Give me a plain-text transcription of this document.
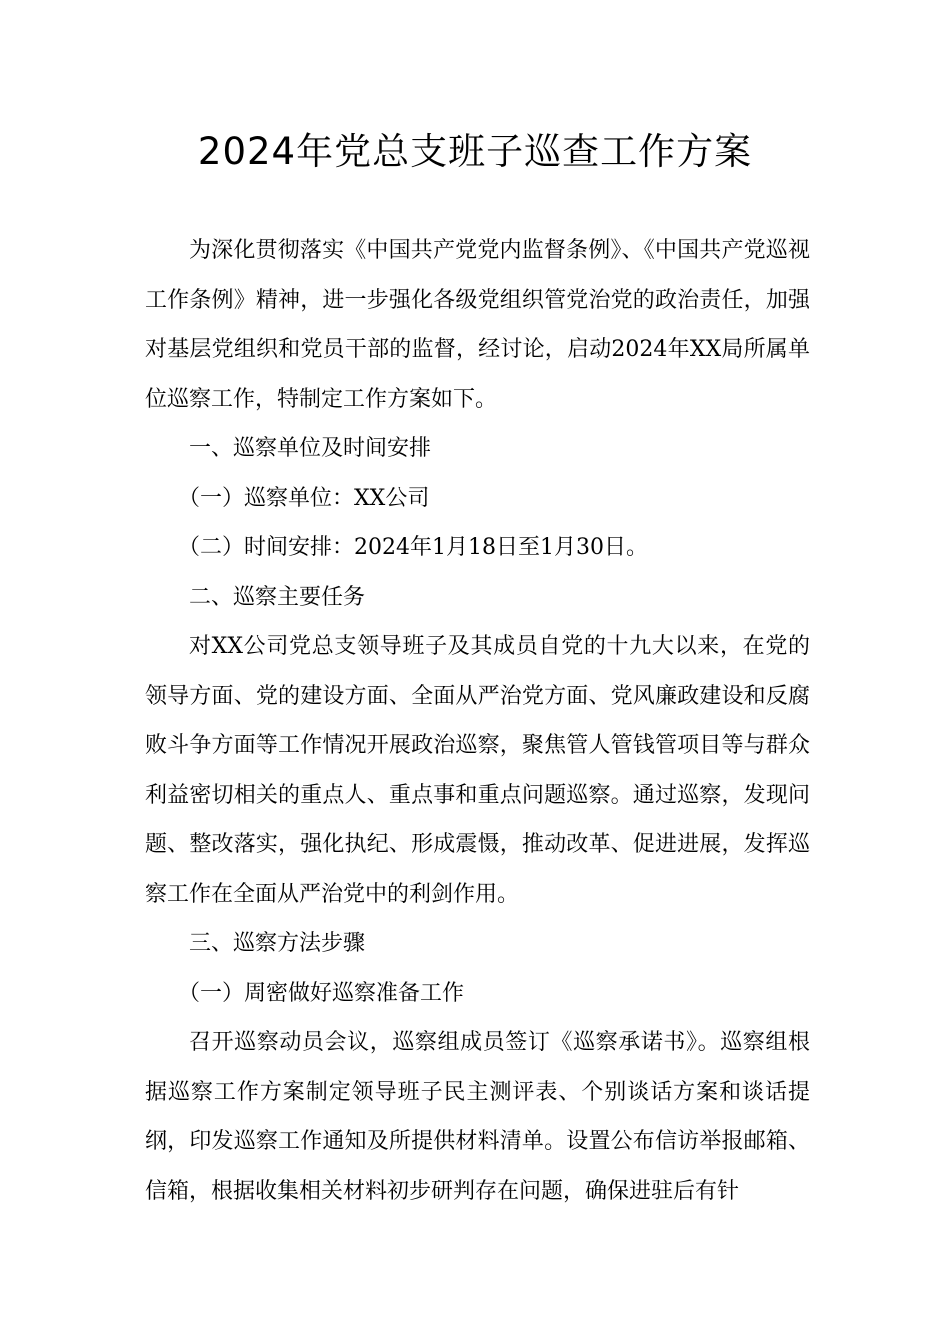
2024年党总支班子巡查工作方案

为深化贯彻落实《中国共产党党内监督条例》、《中国共产党巡视工作条例》精神，进一步强化各级党组织管党治党的政治责任，加强对基层党组织和党员干部的监督，经讨论，启动2024年XX局所属单位巡察工作，特制定工作方案如下。

一、巡察单位及时间安排

（一）巡察单位：XX公司

（二）时间安排：2024年1月18日至1月30日。

二、巡察主要任务

对XX公司党总支领导班子及其成员自党的十九大以来，在党的领导方面、党的建设方面、全面从严治党方面、党风廉政建设和反腐败斗争方面等工作情况开展政治巡察，聚焦管人管钱管项目等与群众利益密切相关的重点人、重点事和重点问题巡察。通过巡察，发现问题、整改落实，强化执纪、形成震慑，推动改革、促进进展，发挥巡察工作在全面从严治党中的利剑作用。

三、巡察方法步骤

（一）周密做好巡察准备工作

召开巡察动员会议，巡察组成员签订《巡察承诺书》。巡察组根据巡察工作方案制定领导班子民主测评表、个别谈话方案和谈话提纲，印发巡察工作通知及所提供材料清单。设置公布信访举报邮箱、信箱，根据收集相关材料初步研判存在问题，确保进驻后有针
